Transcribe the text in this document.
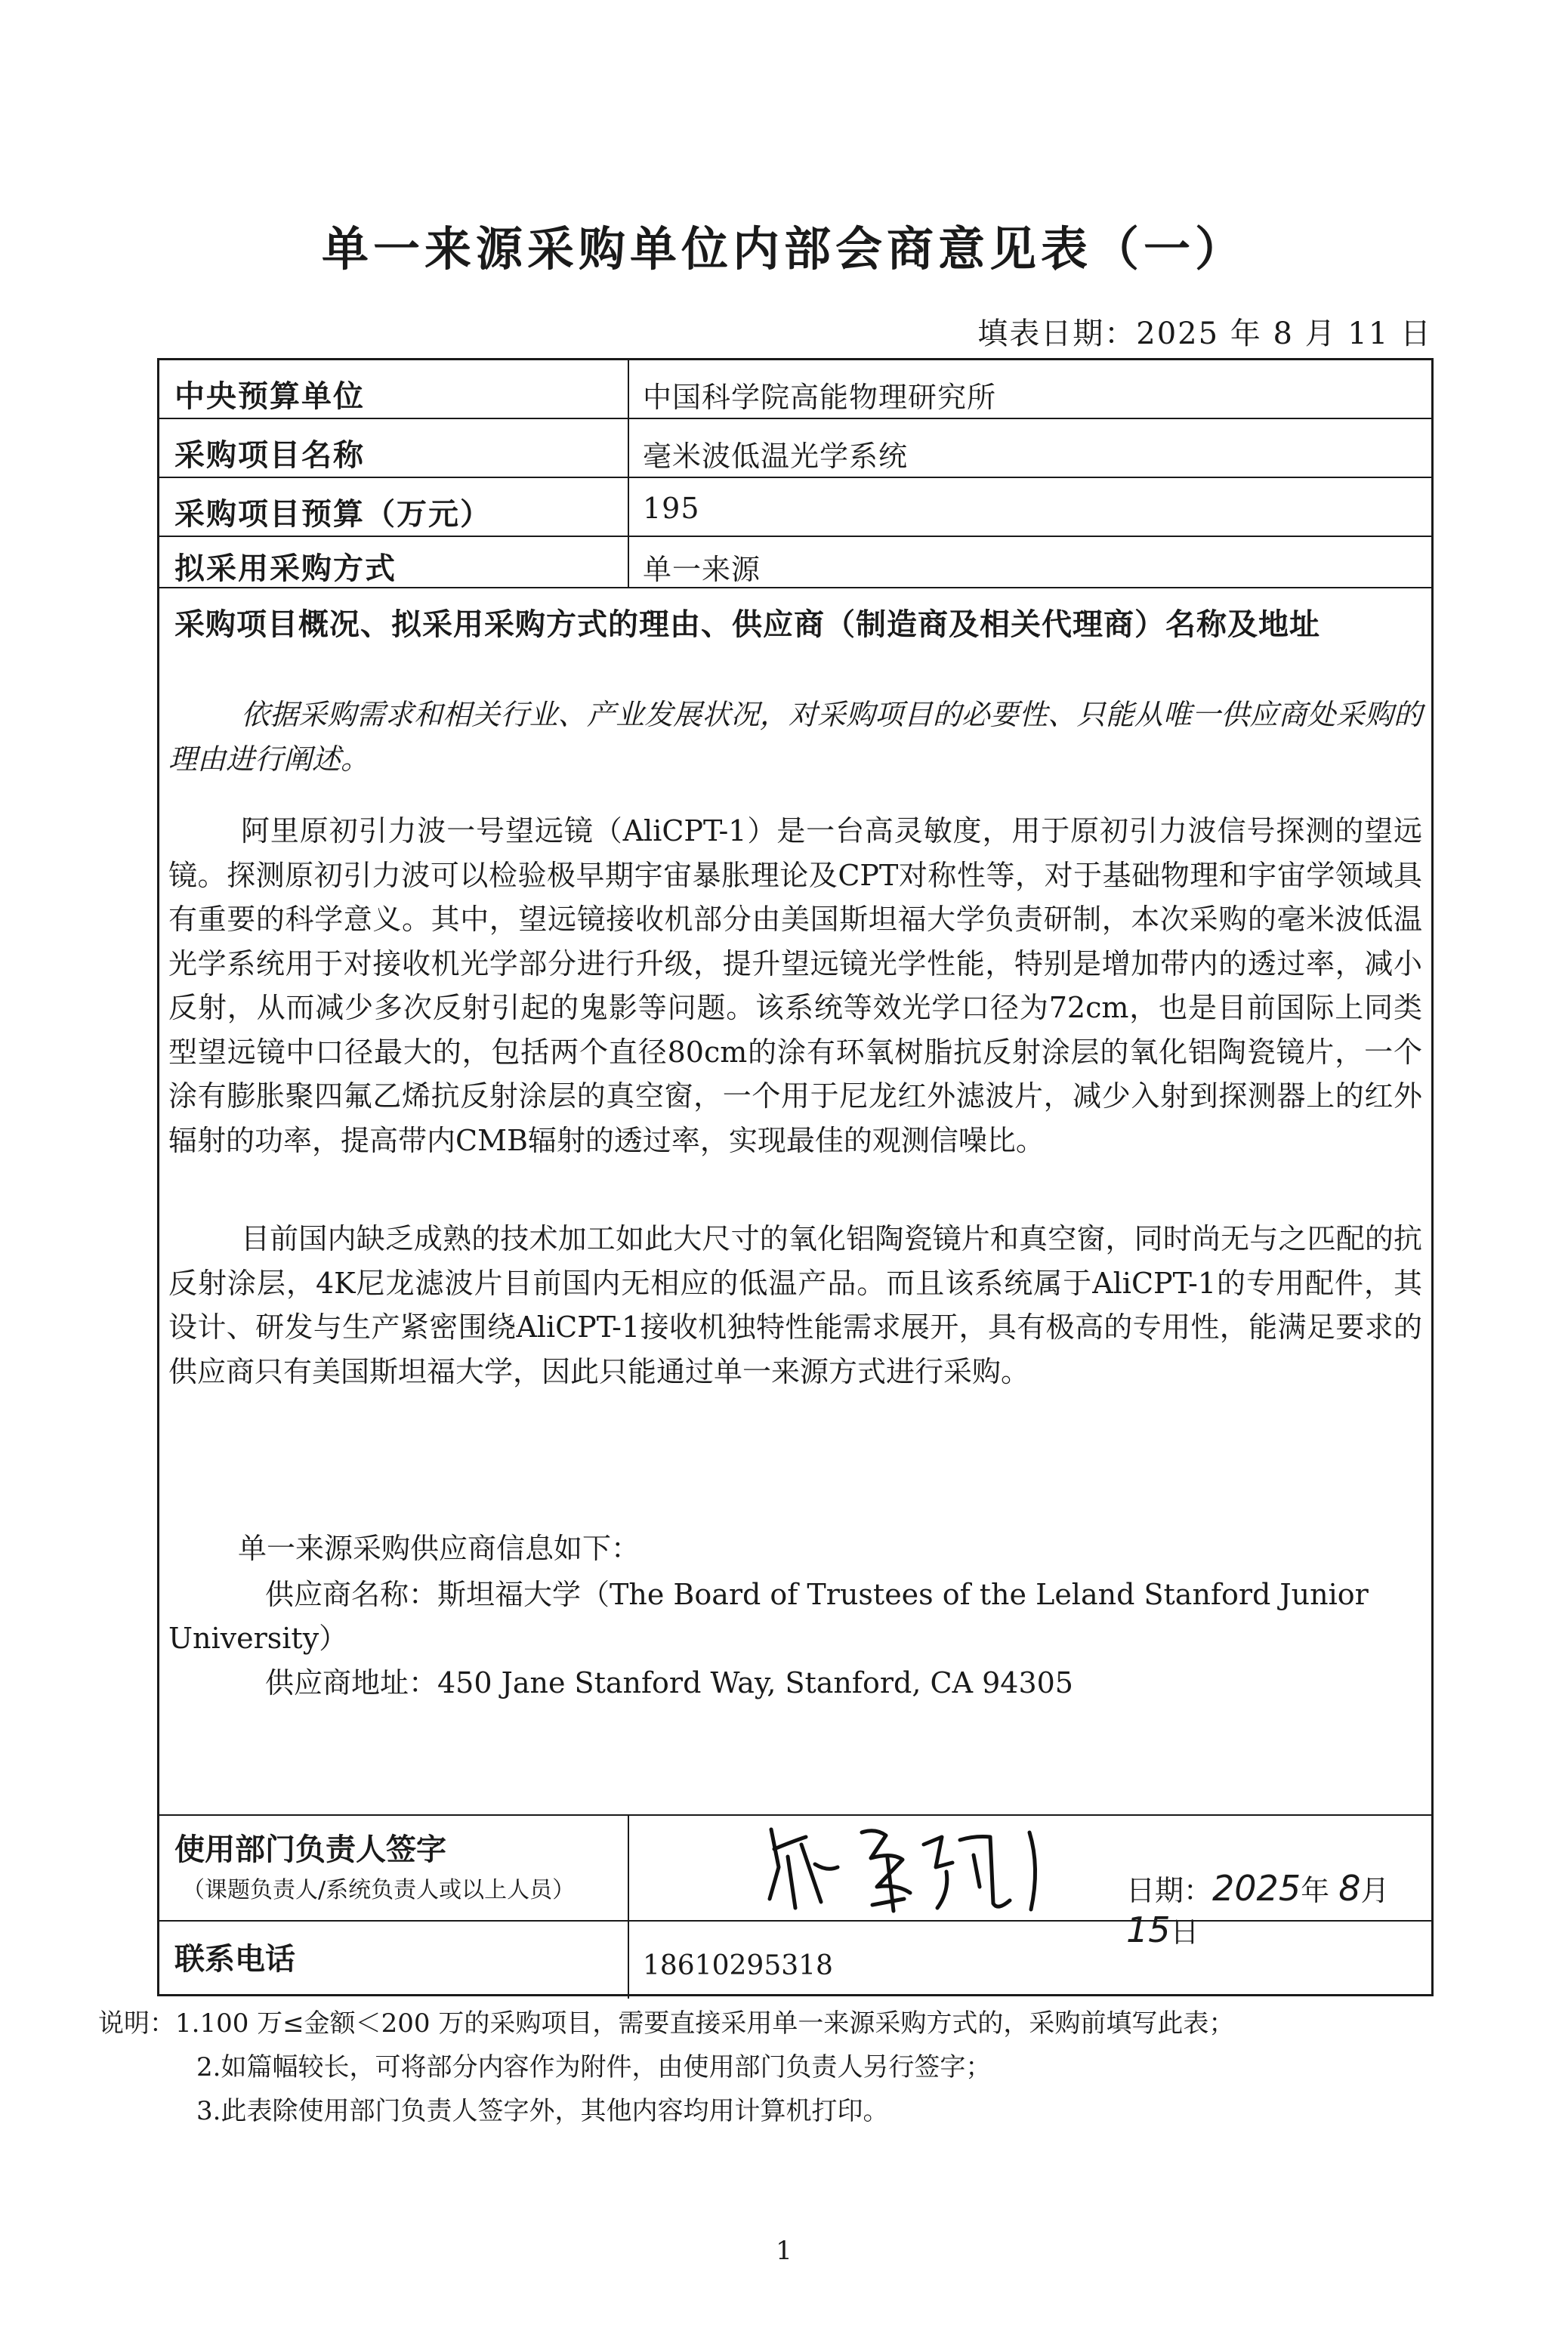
单一来源采购单位内部会商意见表（一）
填表日期：2025 年 8 月 11 日
中央预算单位	中国科学院高能物理研究所
采购项目名称	毫米波低温光学系统
采购项目预算（万元）	195
拟采用采购方式	单一来源
采购项目概况、拟采用采购方式的理由、供应商（制造商及相关代理商）名称及地址

依据采购需求和相关行业、产业发展状况，对采购项目的必要性、只能从唯一供应商处采购的理由进行阐述。

阿里原初引力波一号望远镜（AliCPT-1）是一台高灵敏度，用于原初引力波信号探测的望远镜。探测原初引力波可以检验极早期宇宙暴胀理论及CPT对称性等，对于基础物理和宇宙学领域具有重要的科学意义。其中，望远镜接收机部分由美国斯坦福大学负责研制，本次采购的毫米波低温光学系统用于对接收机光学部分进行升级，提升望远镜光学性能，特别是增加带内的透过率，减小反射，从而减少多次反射引起的鬼影等问题。该系统等效光学口径为72cm，也是目前国际上同类型望远镜中口径最大的，包括两个直径80cm的涂有环氧树脂抗反射涂层的氧化铝陶瓷镜片，一个涂有膨胀聚四氟乙烯抗反射涂层的真空窗，一个用于尼龙红外滤波片，减少入射到探测器上的红外辐射的功率，提高带内CMB辐射的透过率，实现最佳的观测信噪比。

目前国内缺乏成熟的技术加工如此大尺寸的氧化铝陶瓷镜片和真空窗，同时尚无与之匹配的抗反射涂层，4K尼龙滤波片目前国内无相应的低温产品。而且该系统属于AliCPT-1的专用配件，其设计、研发与生产紧密围绕AliCPT-1接收机独特性能需求展开，具有极高的专用性，能满足要求的供应商只有美国斯坦福大学，因此只能通过单一来源方式进行采购。

单一来源采购供应商信息如下：
供应商名称：斯坦福大学（The Board of Trustees of the Leland Stanford Junior
University）
供应商地址：450 Jane Stanford Way, Stanford, CA 94305
使用部门负责人签字
（课题负责人/系统负责人或以上人员）	日期：2025年 8月15日
联系电话	18610295318
说明：1.100 万≤金额＜200 万的采购项目，需要直接采用单一来源采购方式的，采购前填写此表；
2.如篇幅较长，可将部分内容作为附件，由使用部门负责人另行签字；
3.此表除使用部门负责人签字外，其他内容均用计算机打印。
1
